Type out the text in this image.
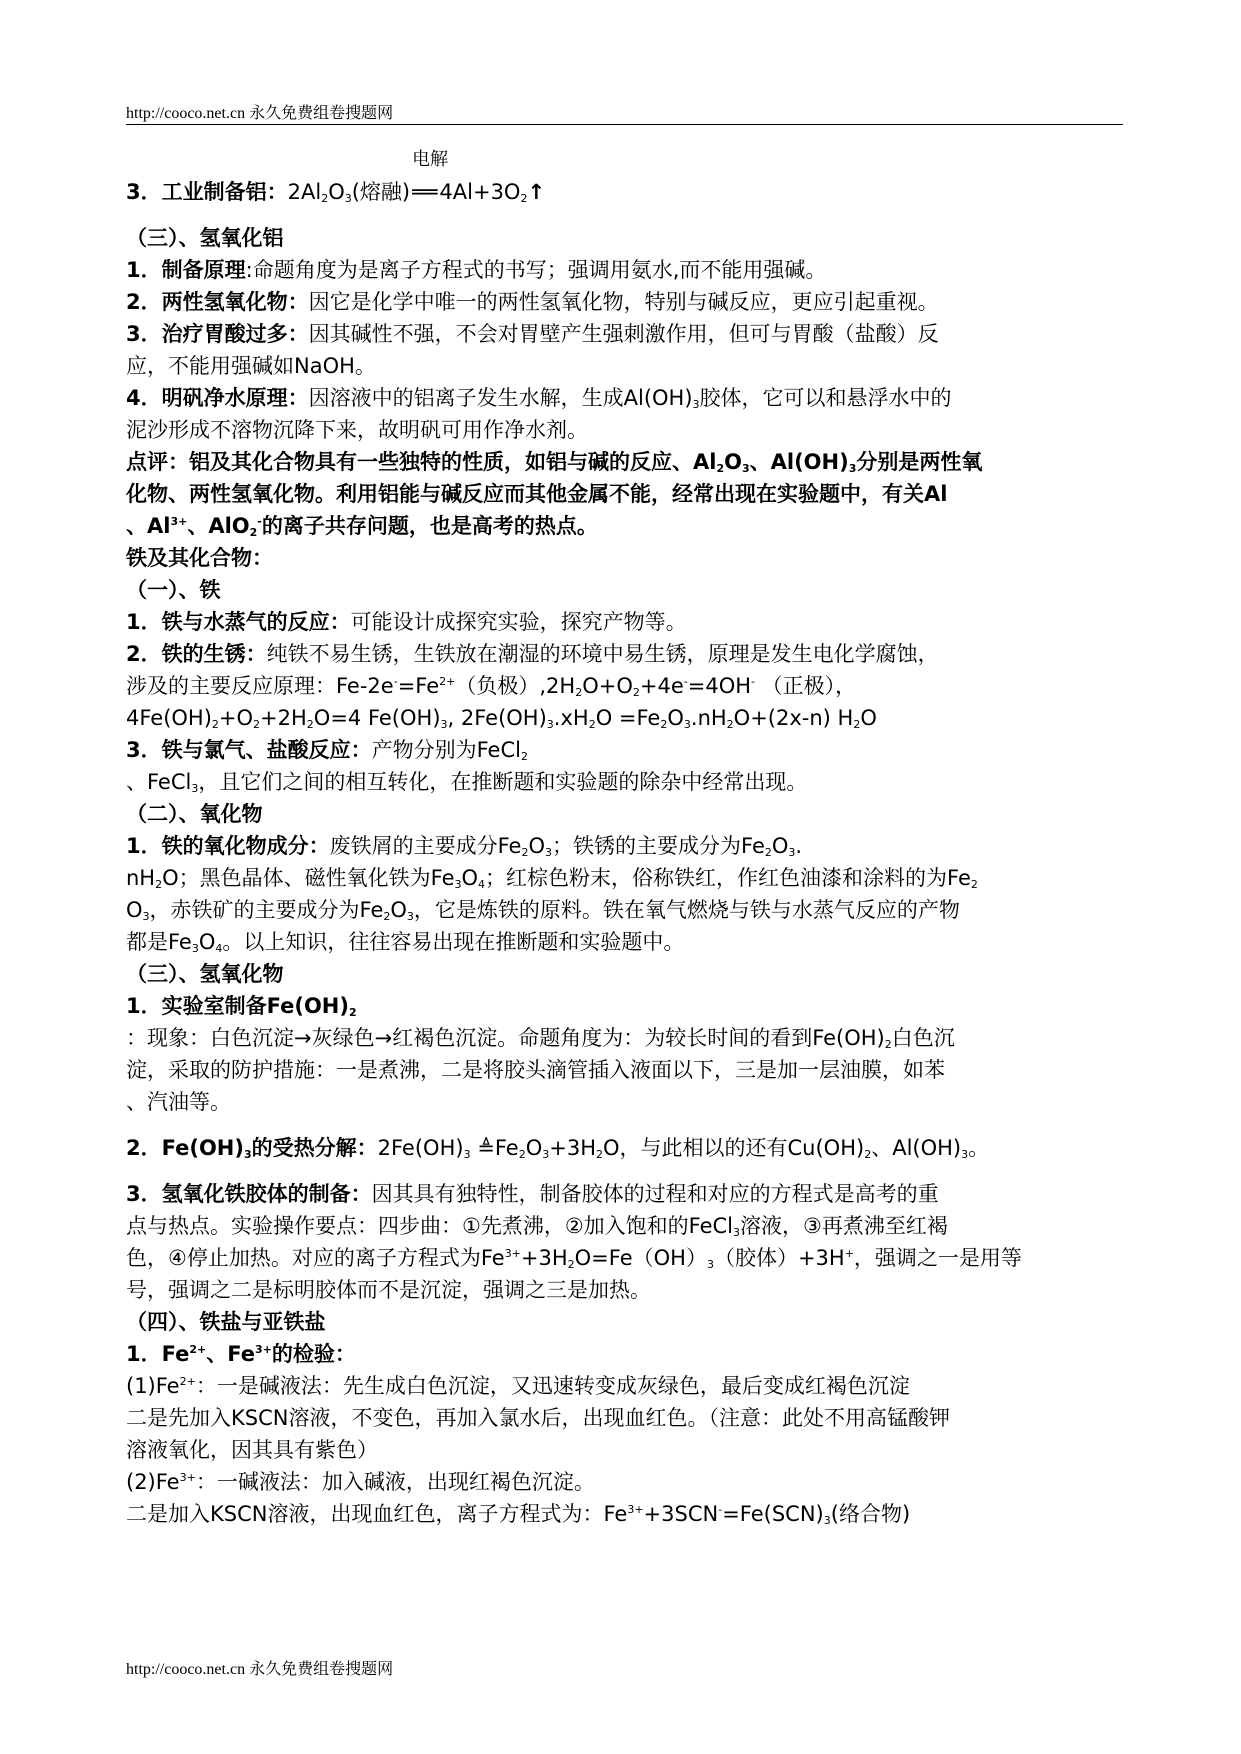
http://cooco.net.cn 永久免费组卷搜题网
3．工业制备铝：$2Al_2O_3$(熔融)
电解
$══4Al+3O_2↑$
（三）、氢氧化铝
1．制备原理:命题角度为是离子方程式的书写；强调用氨水,而不能用强碱。
2．两性氢氧化物：因它是化学中唯一的两性氢氧化物，特别与碱反应，更应引起重视。
3．治疗胃酸过多：因其碱性不强，不会对胃壁产生强刺激作用，但可与胃酸（盐酸）反
应，不能用强碱如NaOH。
4．明矾净水原理：因溶液中的铝离子发生水解，生成$Al(OH)_3$胶体，它可以和悬浮水中的
泥沙形成不溶物沉降下来，故明矾可用作净水剂。
点评：铝及其化合物具有一些独特的性质，如铝与碱的反应、$Al_2O_3$、$Al(OH)_3$分别是两性氧
化物、两性氢氧化物。利用铝能与碱反应而其他金属不能，经常出现在实验题中，有关Al
、$Al^{3+}$、AlO$_2$-的离子共存问题，也是高考的热点。
铁及其化合物：
（一）、铁
1．铁与水蒸气的反应：可能设计成探究实验，探究产物等。
2．铁的生锈：纯铁不易生锈，生铁放在潮湿的环境中易生锈，原理是发生电化学腐蚀，
涉及的主要反应原理：$Fe-2e^-=Fe^{2+}$（负极）$,2H_2O+O_2+4e^-=4OH^-$ （正极），
$4Fe(OH)_2+O_2+2H_2O=4$ $Fe(OH)_3$, $2Fe(OH)_3.xH_2O =Fe_2O_3.nH_2O+(2x-n)$ $H_2O$
3．铁与氯气、盐酸反应：产物分别为FeCl$_2$
、FeCl$_3$，且它们之间的相互转化，在推断题和实验题的除杂中经常出现。
（二）、氧化物
1．铁的氧化物成分：废铁屑的主要成分$Fe_2O_3$；铁锈的主要成分为$Fe_2O_3$.
$nH_2O$；黑色晶体、磁性氧化铁为$Fe_3O_4$；红棕色粉末，俗称铁红，作红色油漆和涂料的为$Fe_2$
$O_3$，赤铁矿的主要成分为$Fe_2O_3$，它是炼铁的原料。铁在氧气燃烧与铁与水蒸气反应的产物
都是$Fe_3O_4$。以上知识，往往容易出现在推断题和实验题中。
（三）、氢氧化物
1．实验室制备$Fe(OH)_2$
：现象：白色沉淀→灰绿色→红褐色沉淀。命题角度为：为较长时间的看到$Fe(OH)_2$白色沉
淀，采取的防护措施：一是煮沸，二是将胶头滴管插入液面以下，三是加一层油膜，如苯
、汽油等。
2．$Fe(OH)_3$的受热分解：$2Fe(OH)_3$ $≜Fe_2O_3+3H_2O$，与此相以的还有$Cu(OH)_2$、$Al(OH)_3$。
3．氢氧化铁胶体的制备：因其具有独特性，制备胶体的过程和对应的方程式是高考的重
点与热点。实验操作要点：四步曲：①先煮沸，②加入饱和的FeCl$_3$溶液，③再煮沸至红褐
色，④停止加热。对应的离子方程式为$Fe^{3+}+3H_2O=Fe(OH)_3$（胶体）+3H+，强调之一是用等
号，强调之二是标明胶体而不是沉淀，强调之三是加热。
（四）、铁盐与亚铁盐
1．$Fe^{2+}$、$Fe^{3+}$的检验：
$(1)Fe^{2+}$：一是碱液法：先生成白色沉淀，又迅速转变成灰绿色，最后变成红褐色沉淀
二是先加入KSCN溶液，不变色，再加入氯水后，出现血红色。（注意：此处不用高锰酸钾
溶液氧化，因其具有紫色）
$(2)Fe^{3+}$：一碱液法：加入碱液，出现红褐色沉淀。
二是加入KSCN溶液，出现血红色，离子方程式为：$Fe^{3+}+3SCN^-=Fe(SCN)_3$(络合物)
http://cooco.net.cn 永久免费组卷搜题网
